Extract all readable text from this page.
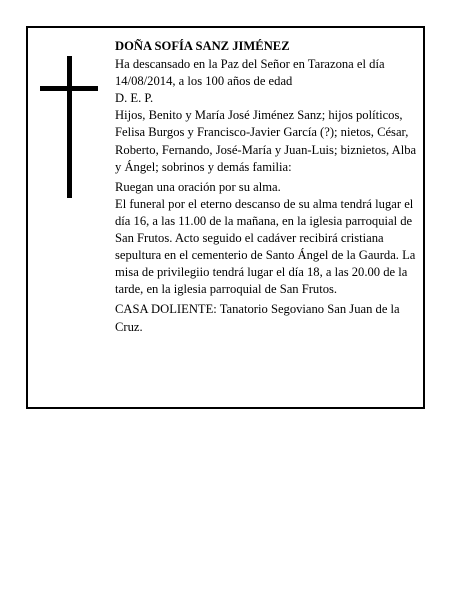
DOÑA SOFÍA SANZ JIMÉNEZ

Ha descansado en la Paz del Señor en Tarazona el día 14/08/2014, a los 100 años de edad

D. E. P.

Hijos, Benito y María José Jiménez Sanz; hijos políticos, Felisa Burgos y Francisco-Javier García (?); nietos, César, Roberto, Fernando, José-María y Juan-Luis; biznietos, Alba y Ángel; sobrinos y demás familia:

Ruegan una oración por su alma.

El funeral por el eterno descanso de su alma tendrá lugar el día 16, a las 11.00 de la mañana, en la iglesia parroquial de San Frutos. Acto seguido el cadáver recibirá cristiana sepultura en el cementerio de Santo Ángel de la Gaurda. La misa de privilegiio tendrá lugar el día 18, a las 20.00 de la tarde, en la iglesia parroquial de San Frutos.

CASA DOLIENTE: Tanatorio Segoviano San Juan de la Cruz.
